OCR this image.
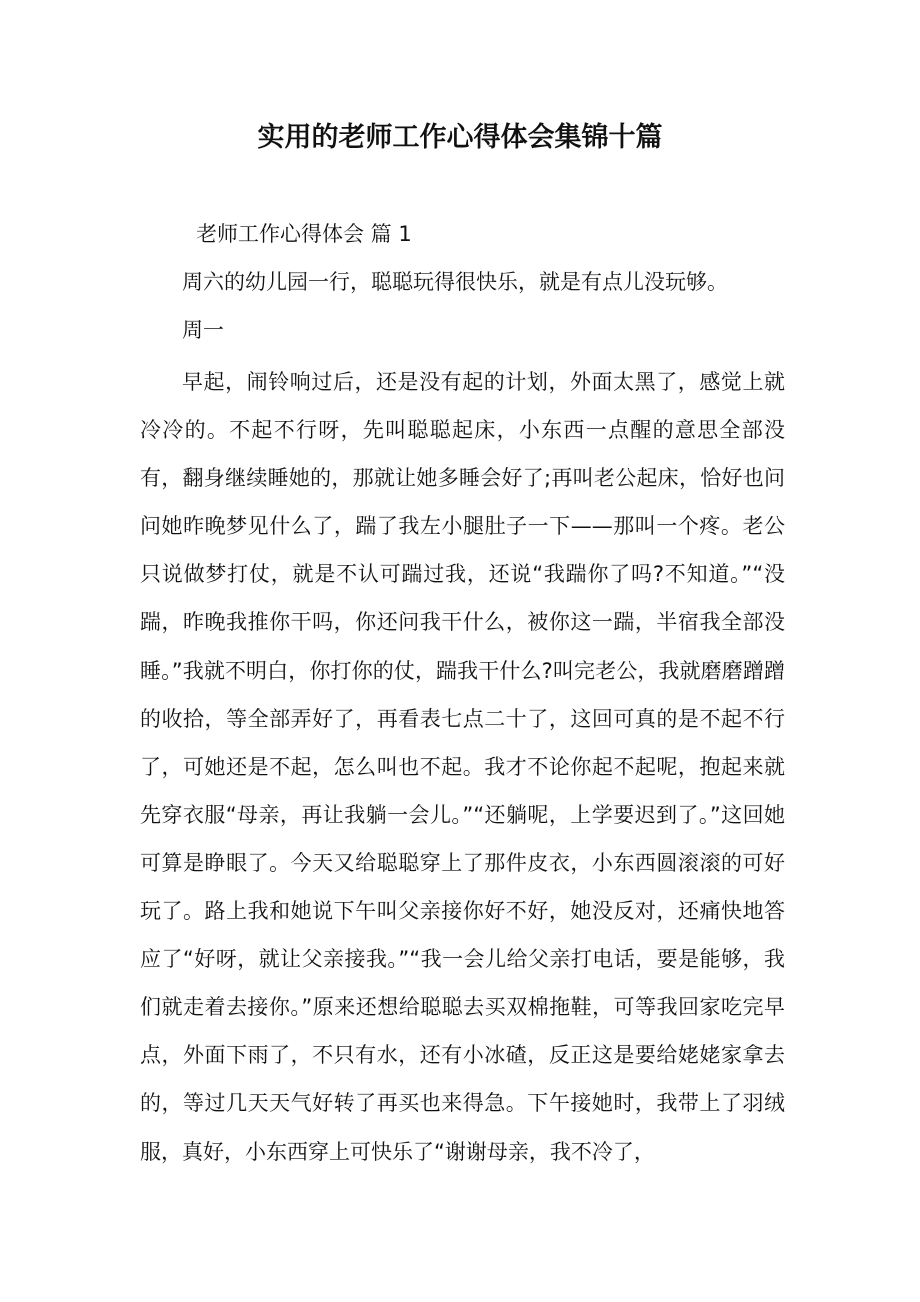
实用的老师工作心得体会集锦十篇

老师工作心得体会 篇 1

周六的幼儿园一行，聪聪玩得很快乐，就是有点儿没玩够。

周一

早起，闹铃响过后，还是没有起的计划，外面太黑了，感觉上就冷冷的。不起不行呀，先叫聪聪起床，小东西一点醒的意思全部没有，翻身继续睡她的，那就让她多睡会好了;再叫老公起床，恰好也问问她昨晚梦见什么了，踹了我左小腿肚子一下——那叫一个疼。老公只说做梦打仗，就是不认可踹过我，还说“我踹你了吗?不知道。”“没踹，昨晚我推你干吗，你还问我干什么，被你这一踹，半宿我全部没睡。”我就不明白，你打你的仗，踹我干什么?叫完老公，我就磨磨蹭蹭的收拾，等全部弄好了，再看表七点二十了，这回可真的是不起不行了，可她还是不起，怎么叫也不起。我才不论你起不起呢，抱起来就先穿衣服“母亲，再让我躺一会儿。”“还躺呢，上学要迟到了。”这回她可算是睁眼了。今天又给聪聪穿上了那件皮衣，小东西圆滚滚的可好玩了。路上我和她说下午叫父亲接你好不好，她没反对，还痛快地答应了“好呀，就让父亲接我。”“我一会儿给父亲打电话，要是能够，我们就走着去接你。”原来还想给聪聪去买双棉拖鞋，可等我回家吃完早点，外面下雨了，不只有水，还有小冰碴，反正这是要给姥姥家拿去的，等过几天天气好转了再买也来得急。下午接她时，我带上了羽绒服，真好，小东西穿上可快乐了“谢谢母亲，我不冷了，
